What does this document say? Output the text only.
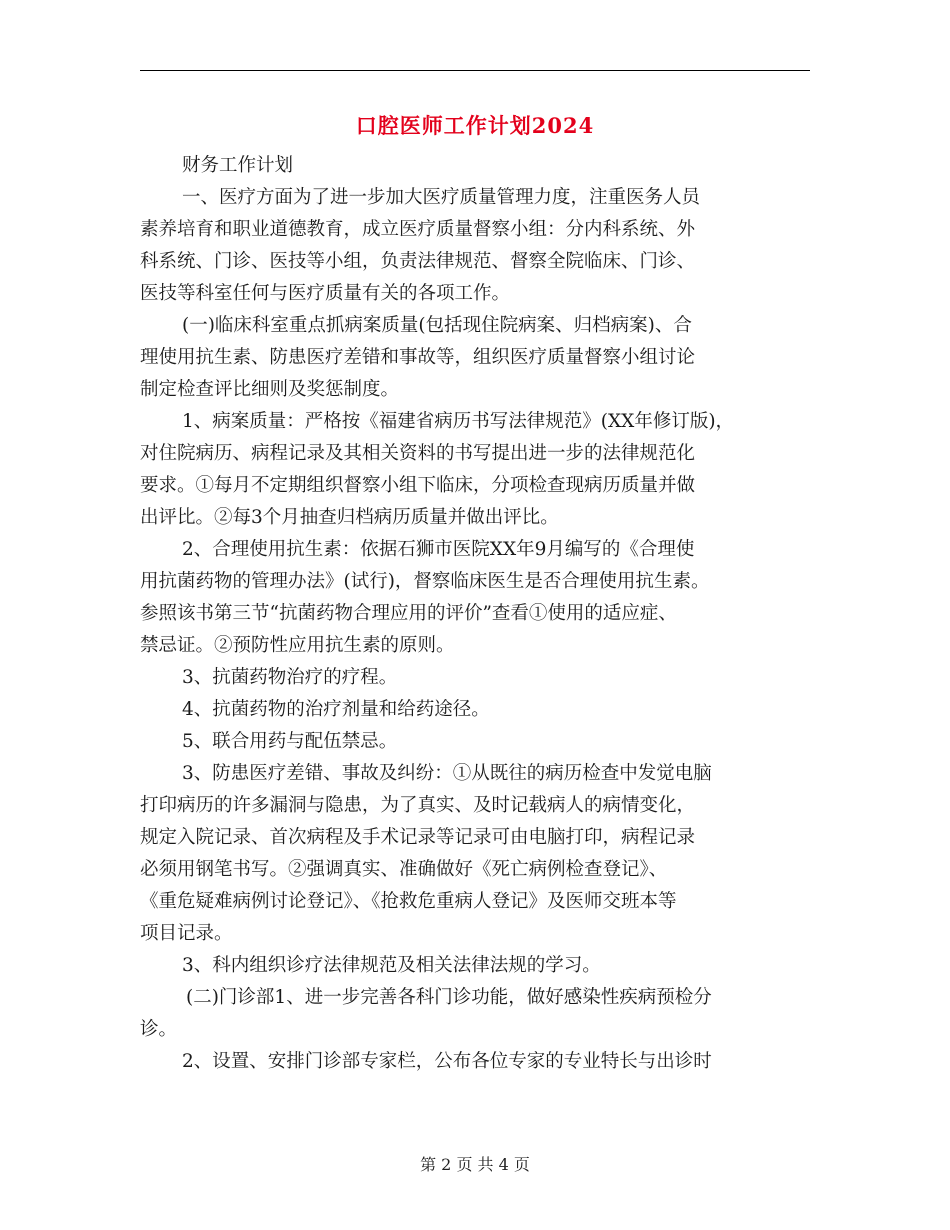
口腔医师工作计划2024
财务工作计划
一、医疗方面为了进一步加大医疗质量管理力度，注重医务人员
素养培育和职业道德教育，成立医疗质量督察小组：分内科系统、外
科系统、门诊、医技等小组，负责法律规范、督察全院临床、门诊、
医技等科室任何与医疗质量有关的各项工作。
(一)临床科室重点抓病案质量(包括现住院病案、归档病案)、合
理使用抗生素、防患医疗差错和事故等，组织医疗质量督察小组讨论
制定检查评比细则及奖惩制度。
1、病案质量：严格按《福建省病历书写法律规范》(XX年修订版)，
对住院病历、病程记录及其相关资料的书写提出进一步的法律规范化
要求。①每月不定期组织督察小组下临床，分项检查现病历质量并做
出评比。②每3个月抽查归档病历质量并做出评比。
2、合理使用抗生素：依据石狮市医院XX年9月编写的《合理使
用抗菌药物的管理办法》(试行)，督察临床医生是否合理使用抗生素。
参照该书第三节“抗菌药物合理应用的评价”查看①使用的适应症、
禁忌证。②预防性应用抗生素的原则。
3、抗菌药物治疗的疗程。
4、抗菌药物的治疗剂量和给药途径。
5、联合用药与配伍禁忌。
3、防患医疗差错、事故及纠纷：①从既往的病历检查中发觉电脑
打印病历的许多漏洞与隐患，为了真实、及时记载病人的病情变化，
规定入院记录、首次病程及手术记录等记录可由电脑打印，病程记录
必须用钢笔书写。②强调真实、准确做好《死亡病例检查登记》、
《重危疑难病例讨论登记》、《抢救危重病人登记》及医师交班本等
项目记录。
3、科内组织诊疗法律规范及相关法律法规的学习。
(二)门诊部1、进一步完善各科门诊功能，做好感染性疾病预检分
诊。
2、设置、安排门诊部专家栏，公布各位专家的专业特长与出诊时
第 2 页 共 4 页
